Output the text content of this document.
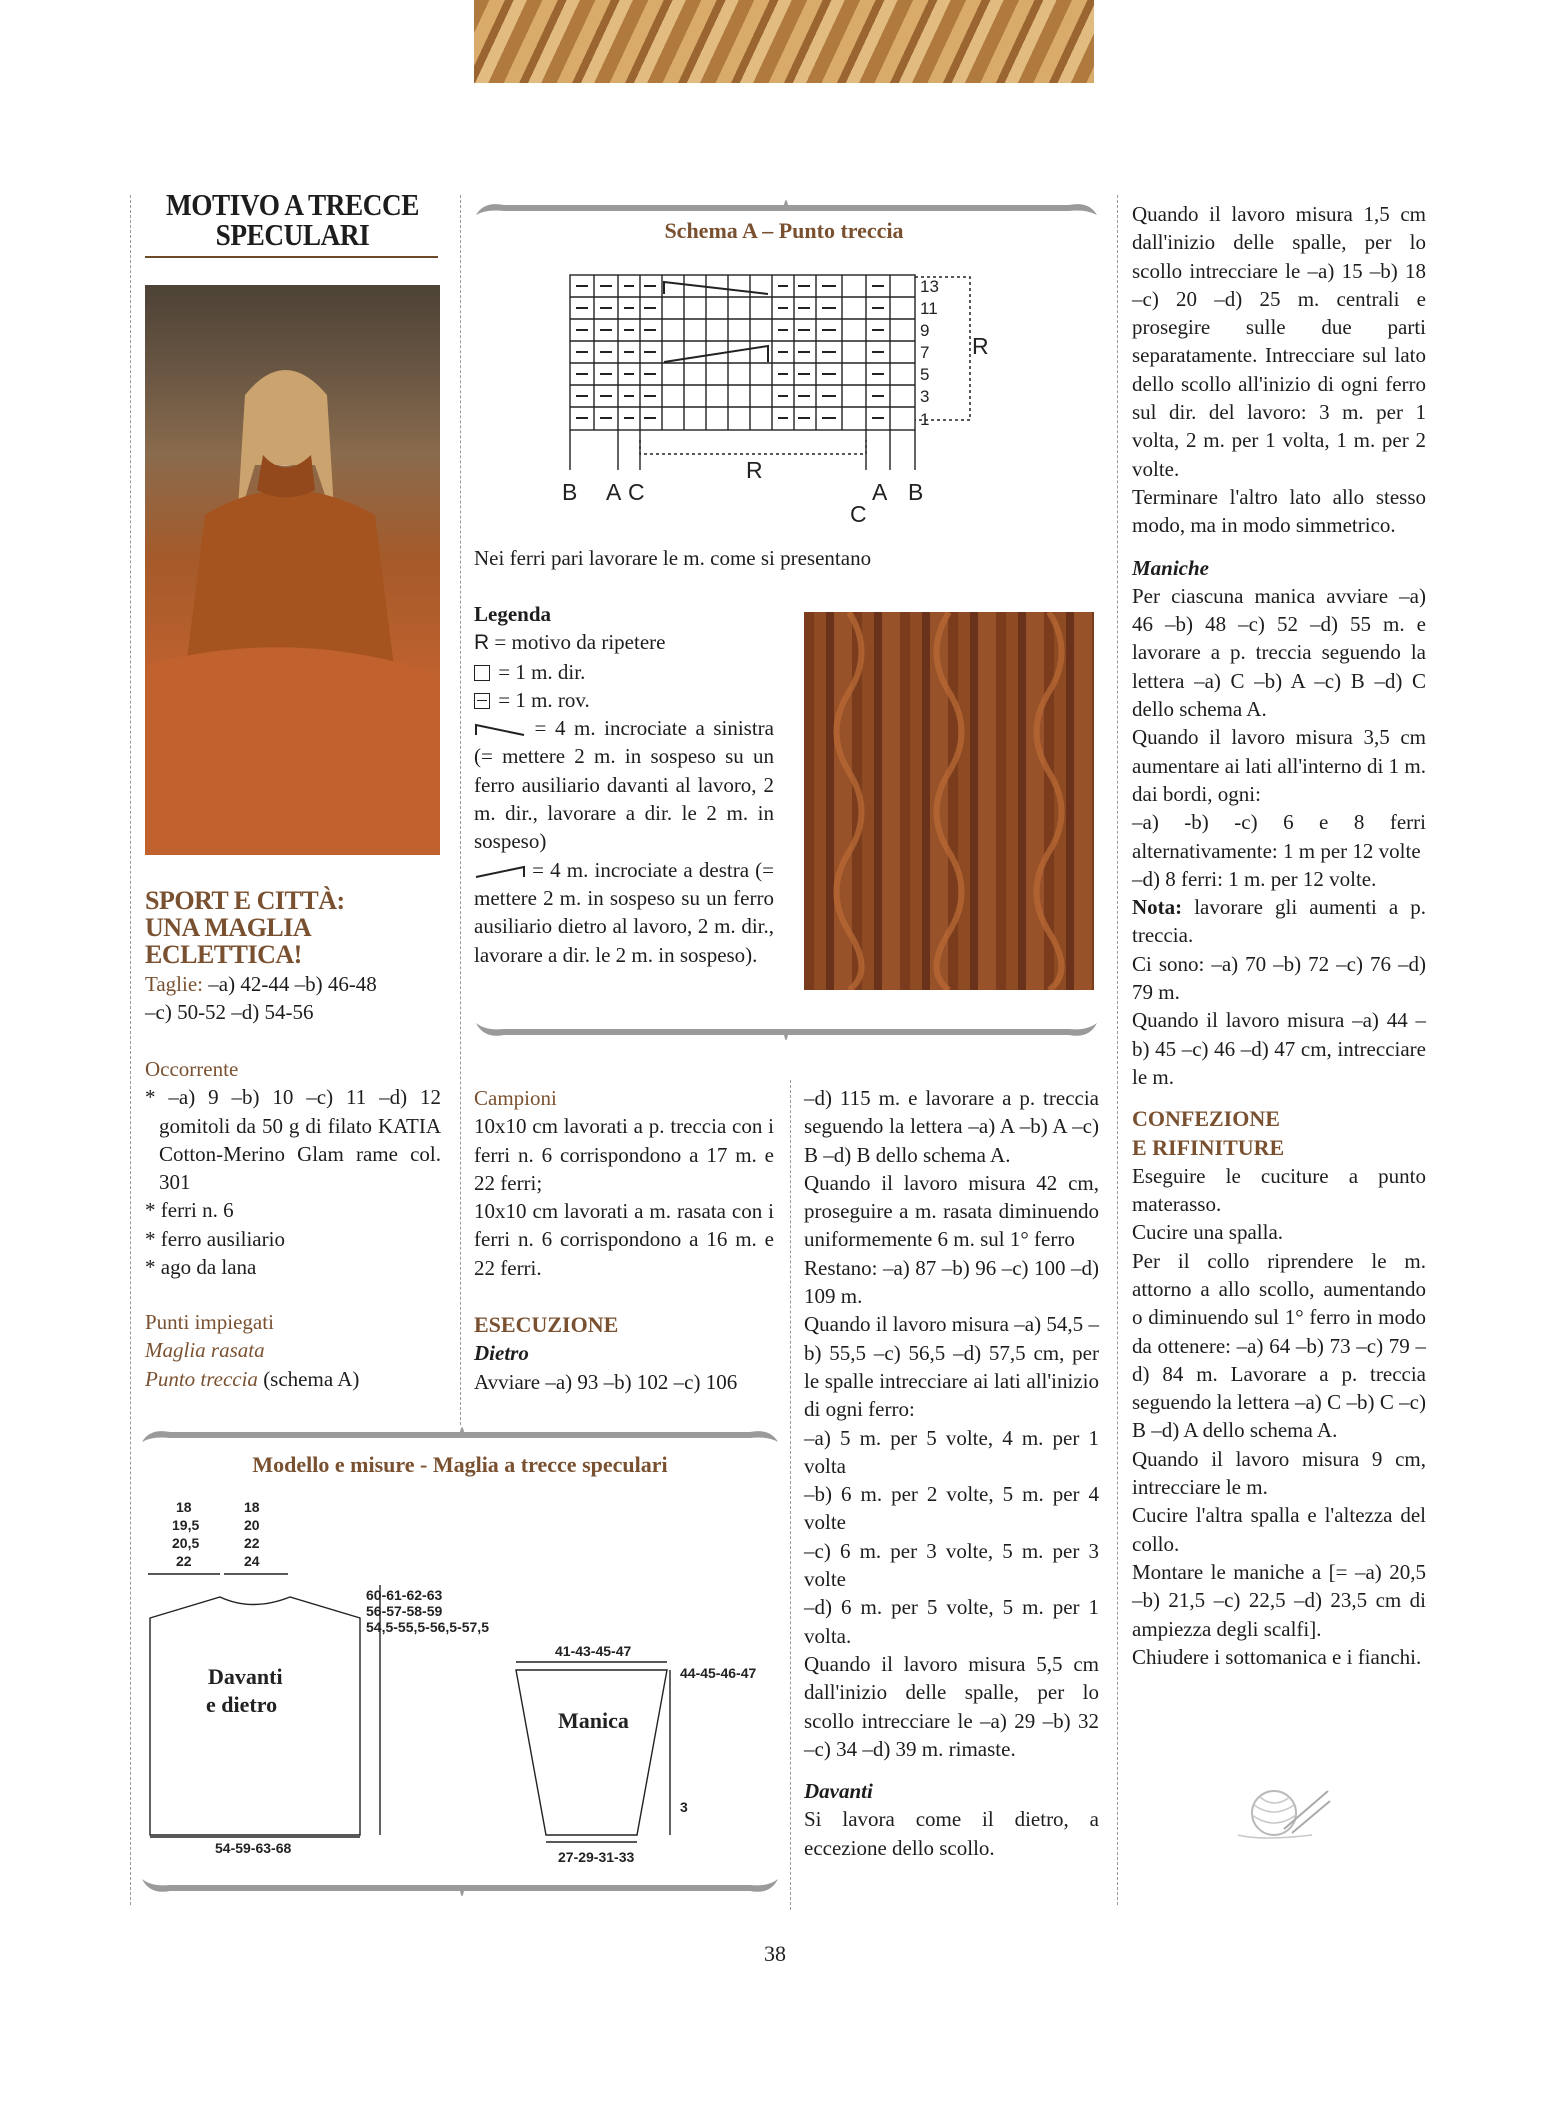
MOTIVO A TRECCE
SPECULARI
SPORT E CITTÀ:
UNA MAGLIA ECLETTICA!

Taglie: –a) 42-44 –b) 46-48

–c) 50-52 –d) 54-56

Occorrente

* –a) 9 –b) 10 –c) 11 –d) 12 gomitoli da 50 g di filato KATIA Cotton-Merino Glam rame col. 301

* ferri n. 6

* ferro ausiliario

* ago da lana

Punti impiegati

Maglia rasata

Punto treccia (schema A)

Schema A – Punto treccia
13
11
9
7
5
3
1
R
B A C
R
C
A B
Nei ferri pari lavorare le m. come si presentano

Legenda

R = motivo da ripetere

= 1 m. dir.

= 1 m. rov.

= 4 m. incrociate a sinistra (= mettere 2 m. in sospeso su un ferro ausiliario davanti al lavoro, 2 m. dir., lavorare a dir. le 2 m. in sospeso)

= 4 m. incrociate a destra (= mettere 2 m. in sospeso su un ferro ausiliario dietro al lavoro, 2 m. dir., lavorare a dir. le 2 m. in sospeso).

Campioni

10x10 cm lavorati a p. treccia con i ferri n. 6 corrispondono a 17 m. e 22 ferri;

10x10 cm lavorati a m. rasata con i ferri n. 6 corrispondono a 16 m. e 22 ferri.

ESECUZIONE

Dietro

Avviare –a) 93 –b) 102 –c) 106

–d) 115 m. e lavorare a p. treccia seguendo la lettera –a) A –b) A –c) B –d) B dello schema A.

Quando il lavoro misura 42 cm, proseguire a m. rasata diminuendo uniformemente 6 m. sul 1° ferro

Restano: –a) 87 –b) 96 –c) 100 –d) 109 m.

Quando il lavoro misura –a) 54,5 –b) 55,5 –c) 56,5 –d) 57,5 cm, per le spalle intrecciare ai lati all'inizio di ogni ferro:

–a) 5 m. per 5 volte, 4 m. per 1 volta

–b) 6 m. per 2 volte, 5 m. per 4 volte

–c) 6 m. per 3 volte, 5 m. per 3 volte

–d) 6 m. per 5 volte, 5 m. per 1 volta.

Quando il lavoro misura 5,5 cm dall'inizio delle spalle, per lo scollo intrecciare le –a) 29 –b) 32 –c) 34 –d) 39 m. rimaste.

Davanti

Si lavora come il dietro, a eccezione dello scollo.

Quando il lavoro misura 1,5 cm dall'inizio delle spalle, per lo scollo intrecciare le –a) 15 –b) 18 –c) 20 –d) 25 m. centrali e prosegire sulle due parti separatamente. Intrecciare sul lato dello scollo all'inizio di ogni ferro sul dir. del lavoro: 3 m. per 1 volta, 2 m. per 1 volta, 1 m. per 2 volte.

Terminare l'altro lato allo stesso modo, ma in modo simmetrico.

Maniche

Per ciascuna manica avviare –a) 46 –b) 48 –c) 52 –d) 55 m. e lavorare a p. treccia seguendo la lettera –a) C –b) A –c) B –d) C dello schema A.

Quando il lavoro misura 3,5 cm aumentare ai lati all'interno di 1 m. dai bordi, ogni:

–a) -b) -c) 6 e 8 ferri alternativamente: 1 m per 12 volte

–d) 8 ferri: 1 m. per 12 volte.

Nota: lavorare gli aumenti a p. treccia.

Ci sono: –a) 70 –b) 72 –c) 76 –d) 79 m.

Quando il lavoro misura –a) 44 –b) 45 –c) 46 –d) 47 cm, intrecciare le m.

CONFEZIONE

E RIFINITURE

Eseguire le cuciture a punto materasso.

Cucire una spalla.

Per il collo riprendere le m. attorno a allo scollo, aumentando o diminuendo sul 1° ferro in modo da ottenere: –a) 64 –b) 73 –c) 79 –d) 84 m. Lavorare a p. treccia seguendo la lettera –a) C –b) C –c) B –d) A dello schema A.

Quando il lavoro misura 9 cm, intrecciare le m.

Cucire l'altra spalla e l'altezza del collo.

Montare le maniche a [= –a) 20,5 –b) 21,5 –c) 22,5 –d) 23,5 cm di ampiezza degli scalfi].

Chiudere i sottomanica e i fianchi.

Modello e misure - Maglia a trecce speculari
18
19,5
20,5
22
18
20
22
24
60-61-62-63
56-57-58-59
54,5-55,5-56,5-57,5
54-59-63-68
41-43-45-47
44-45-46-47
3
27-29-31-33
Davanti
e dietro
Manica
38
